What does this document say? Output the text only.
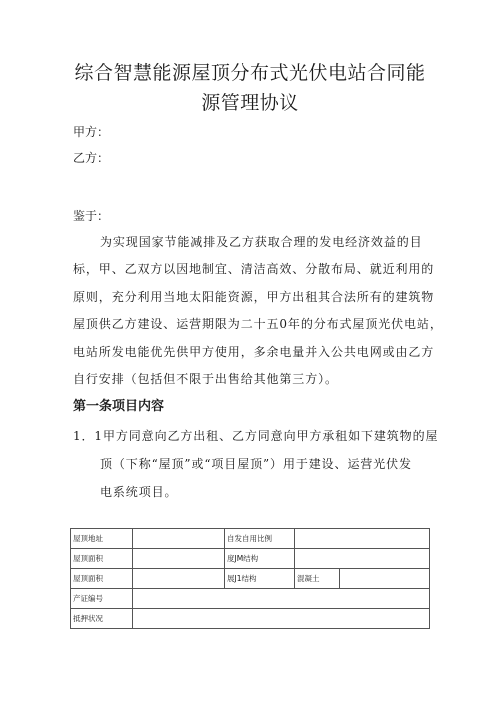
综合智慧能源屋顶分布式光伏电站合同能
源管理协议
甲方：
乙方：
鉴于：
为实现国家节能减排及乙方获取合理的发电经济效益的目
标，甲、乙双方以因地制宜、清洁高效、分散布局、就近利用的
原则，充分利用当地太阳能资源，甲方出租其合法所有的建筑物
屋顶供乙方建设、运营期限为二十五0年的分布式屋顶光伏电站，
电站所发电能优先供甲方使用，多余电量并入公共电网或由乙方
自行安排（包括但不限于出售给其他第三方）。
第一条项目内容
1．1甲方同意向乙方出租、乙方同意向甲方承租如下建筑物的屋
顶（下称“屋顶”或“项目屋顶”）用于建设、运营光伏发
电系统项目。
屋顶地址		自发自用比例		
屋顶面积		度JM结构		
屋顶面积		展J1结构	混凝土	
产证编号				
抵押状况				
